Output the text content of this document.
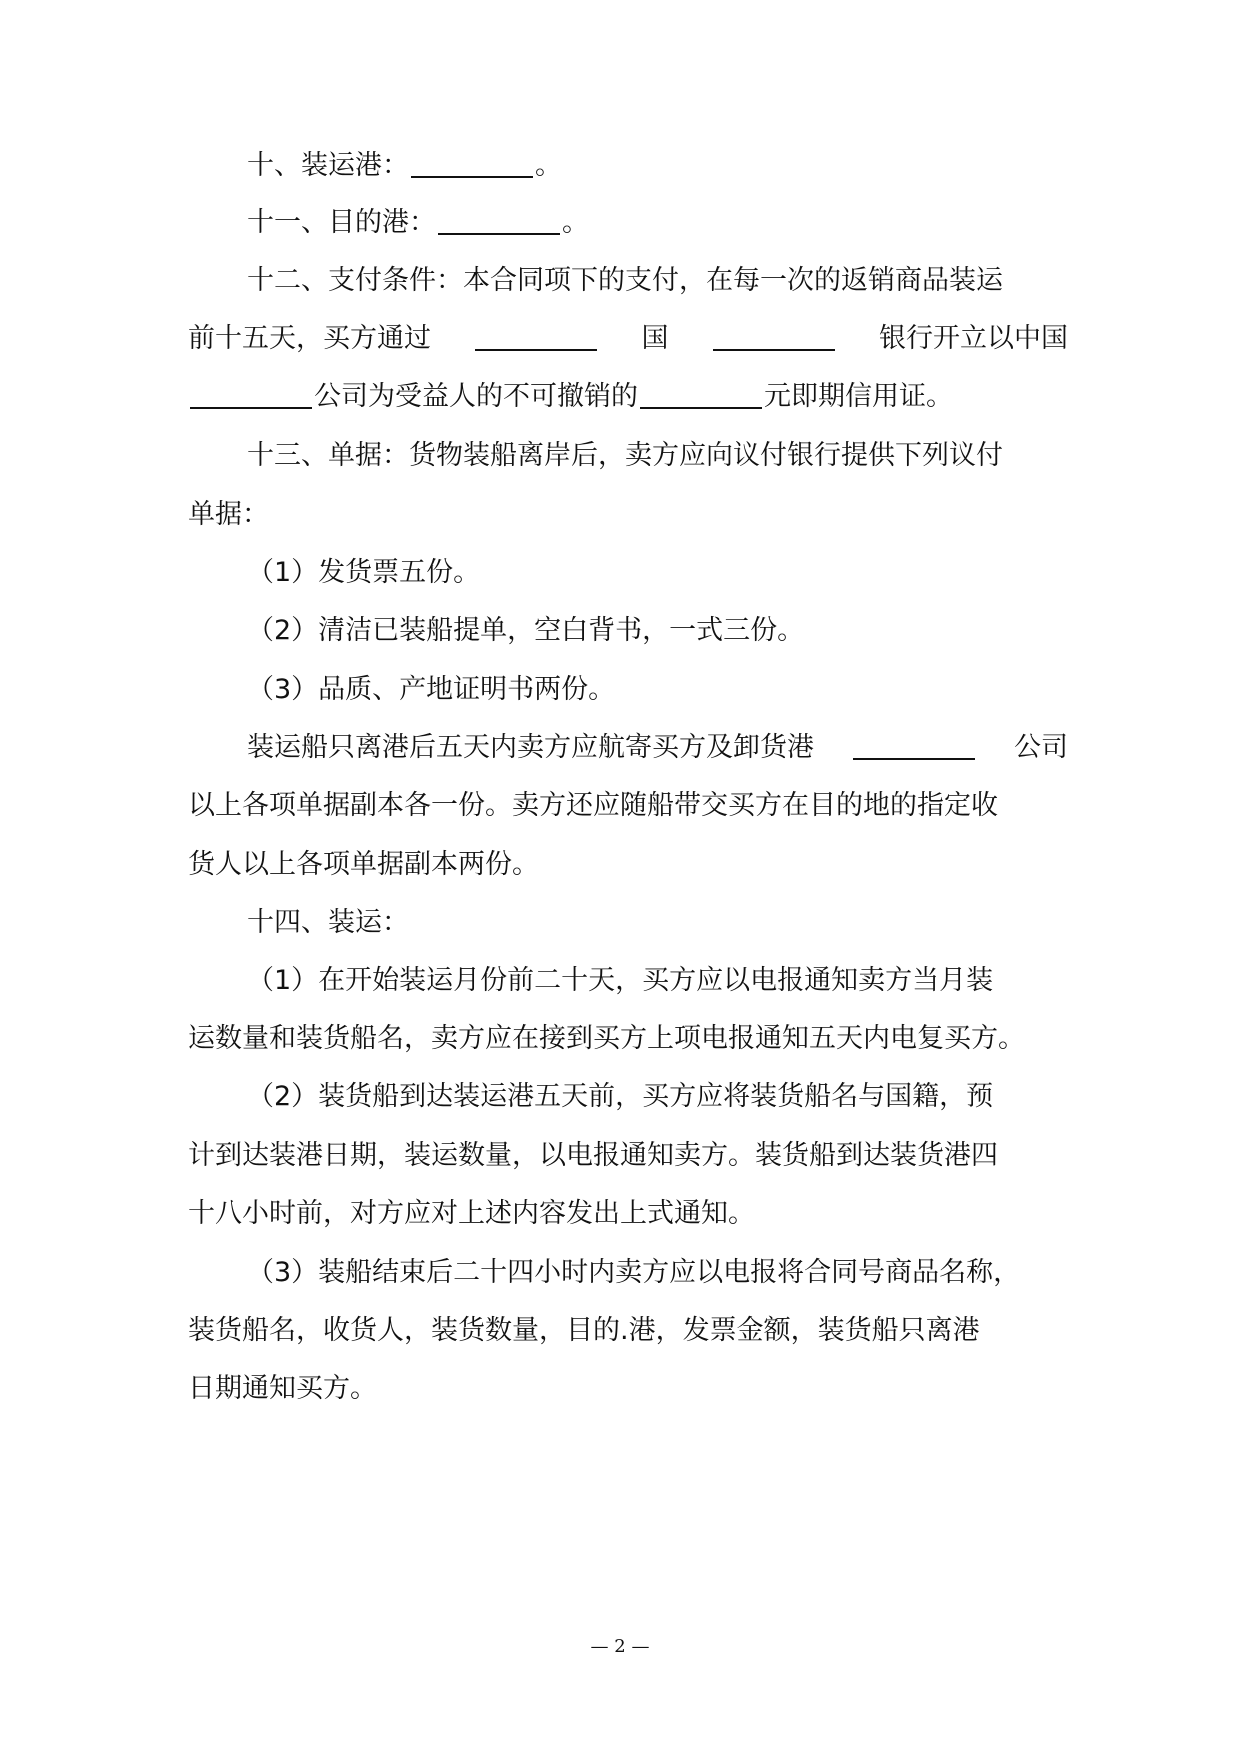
十、装运港：	。
十一、目的港：	。
十二、支付条件：本合同项下的支付，在每一次的返销商品装运
前十五天，买方通过	国	银行开立以中国
公司为受益人的不可撤销的	元即期信用证。
十三、单据：货物装船离岸后，卖方应向议付银行提供下列议付
单据：
（1）发货票五份。
（2）清洁已装船提单，空白背书，一式三份。
（3）品质、产地证明书两份。
装运船只离港后五天内卖方应航寄买方及卸货港	公司
以上各项单据副本各一份。卖方还应随船带交买方在目的地的指定收
货人以上各项单据副本两份。
十四、装运：
（1）在开始装运月份前二十天，买方应以电报通知卖方当月装
运数量和装货船名，卖方应在接到买方上项电报通知五天内电复买方。
（2）装货船到达装运港五天前，买方应将装货船名与国籍，预
计到达装港日期，装运数量，以电报通知卖方。装货船到达装货港四
十八小时前，对方应对上述内容发出上式通知。
（3）装船结束后二十四小时内卖方应以电报将合同号商品名称，
装货船名，收货人，装货数量，目的.港，发票金额，装货船只离港
日期通知买方。
— 2 —
